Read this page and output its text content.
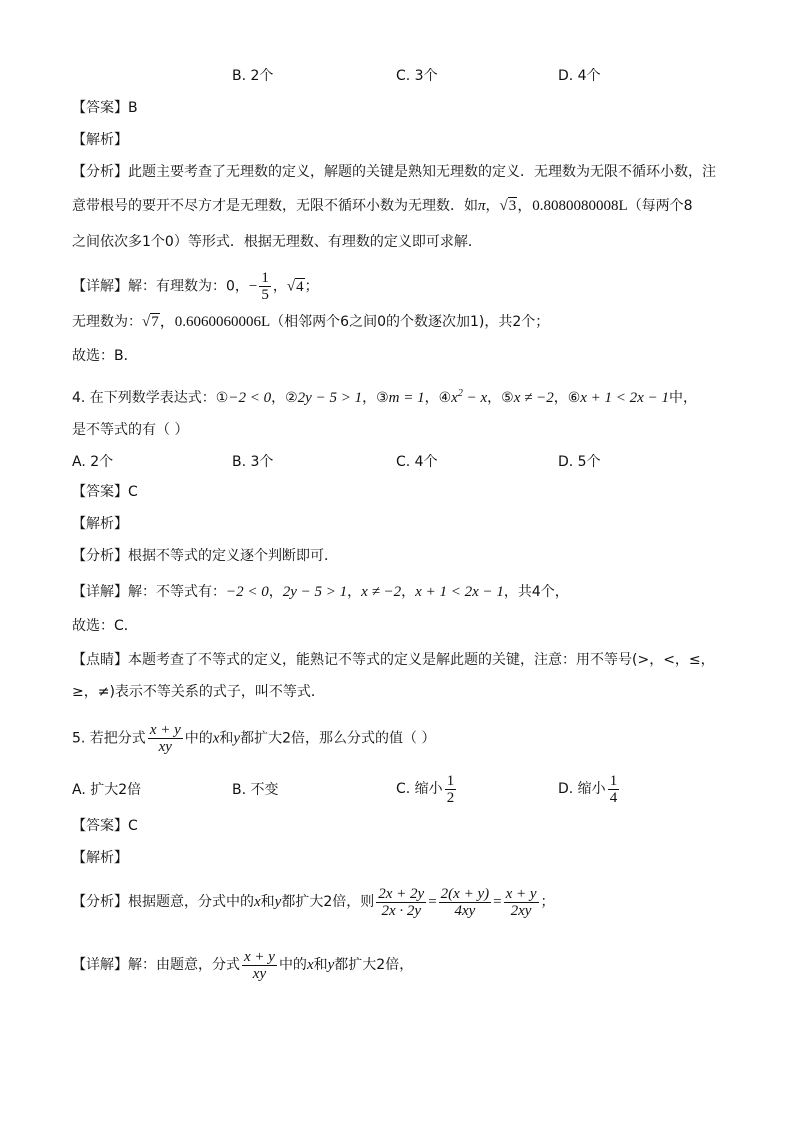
B. 2个	C. 3个	D. 4个
【答案】B
【解析】
【分析】此题主要考查了无理数的定义，解题的关键是熟知无理数的定义．无理数为无限不循环小数，注
意带根号的要开不尽方才是无理数，无限不循环小数为无理数．如π，√3，0.8080080008L（每两个8
之间依次多1个0）等形式．根据无理数、有理数的定义即可求解．
【详解】解：有理数为：0，− $\frac{1}{5}$ ，√4；
无理数为：√7，0.6060060006L（相邻两个6之间0的个数逐次加1)，共2个；
故选：B．
4. 在下列数学表达式：①−2 < 0，②2y − 5 > 1，③m = 1，$④x^2 - x$，⑤x ≠ −2，⑥x + 1 < 2x − 1中，
是不等式的有（ ）
A. 2个	B. 3个	C. 4个	D. 5个
【答案】C
【解析】
【分析】根据不等式的定义逐个判断即可．
【详解】解：不等式有：−2 < 0，2y − 5 > 1，x ≠ −2，x + 1 < 2x − 1，共4个，
故选：C．
【点睛】本题考查了不等式的定义，能熟记不等式的定义是解此题的关键，注意：用不等号(>，<，≤，
≥，≠)表示不等关系的式子，叫不等式．
5. 若把分式 $\frac{x + y}{xy}$ 中的x和y都扩大2倍，那么分式的值（ ）
A. 扩大2倍	B. 不变	C. 缩小 $\frac{1}{2}$	D. 缩小 $\frac{1}{4}$
【答案】C
【解析】
【分析】根据题意，分式中的x和y都扩大2倍，则 $\frac{2x + 2y}{2x \cdot 2y} = \frac{2(x + y)}{4xy} = \frac{x + y}{2xy}$ ；
【详解】解：由题意，分式 $\frac{x + y}{xy}$ 中的x和y都扩大2倍，
